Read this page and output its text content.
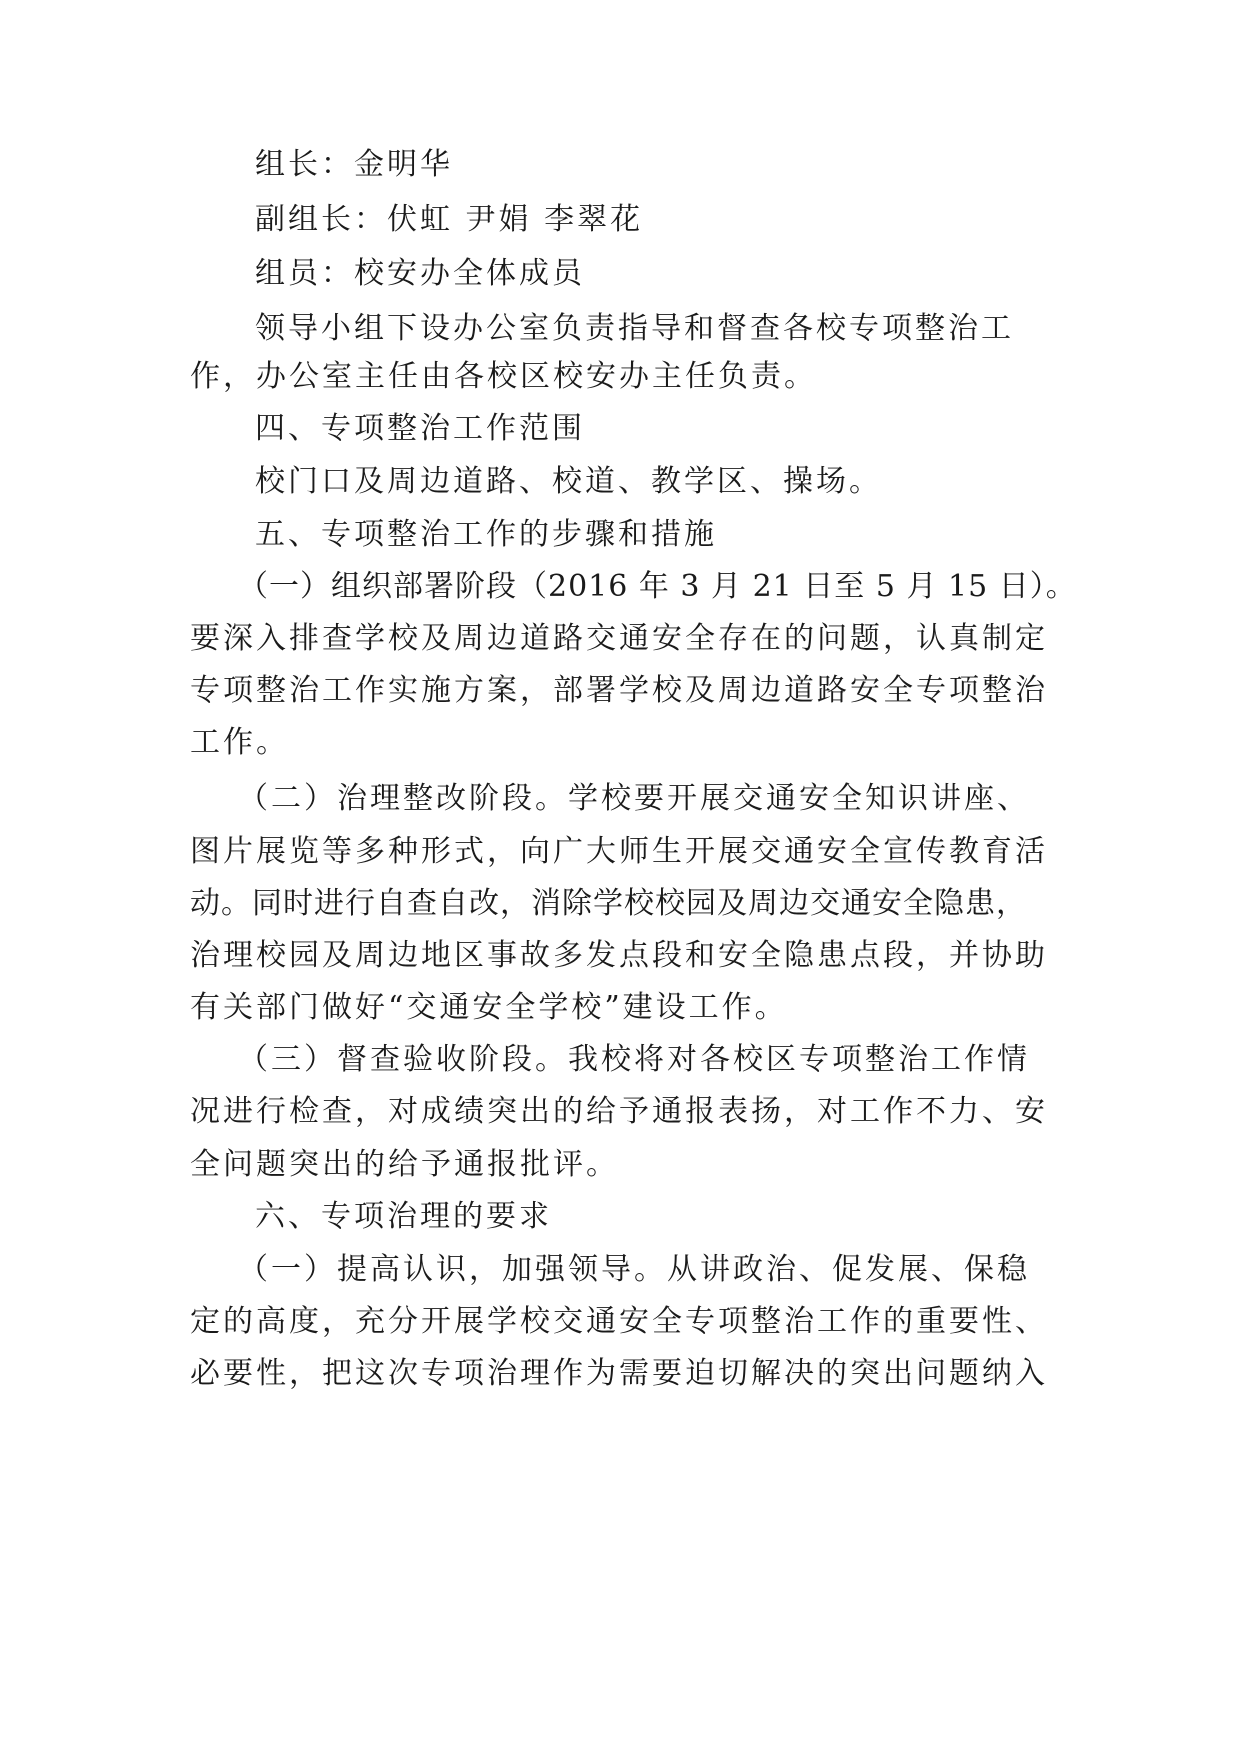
组长：金明华
副组长：伏虹 尹娟 李翠花
组员：校安办全体成员
领导小组下设办公室负责指导和督查各校专项整治工
作，办公室主任由各校区校安办主任负责。
四、专项整治工作范围
校门口及周边道路、校道、教学区、操场。
五、专项整治工作的步骤和措施
（一）组织部署阶段（2016 年 3 月 21 日至 5 月 15 日）。
要深入排查学校及周边道路交通安全存在的问题，认真制定
专项整治工作实施方案，部署学校及周边道路安全专项整治
工作。
（二）治理整改阶段。学校要开展交通安全知识讲座、
图片展览等多种形式，向广大师生开展交通安全宣传教育活
动。同时进行自查自改，消除学校校园及周边交通安全隐患，
治理校园及周边地区事故多发点段和安全隐患点段，并协助
有关部门做好“交通安全学校”建设工作。
（三）督查验收阶段。我校将对各校区专项整治工作情
况进行检查，对成绩突出的给予通报表扬，对工作不力、安
全问题突出的给予通报批评。
六、专项治理的要求
（一）提高认识，加强领导。从讲政治、促发展、保稳
定的高度，充分开展学校交通安全专项整治工作的重要性、
必要性，把这次专项治理作为需要迫切解决的突出问题纳入
